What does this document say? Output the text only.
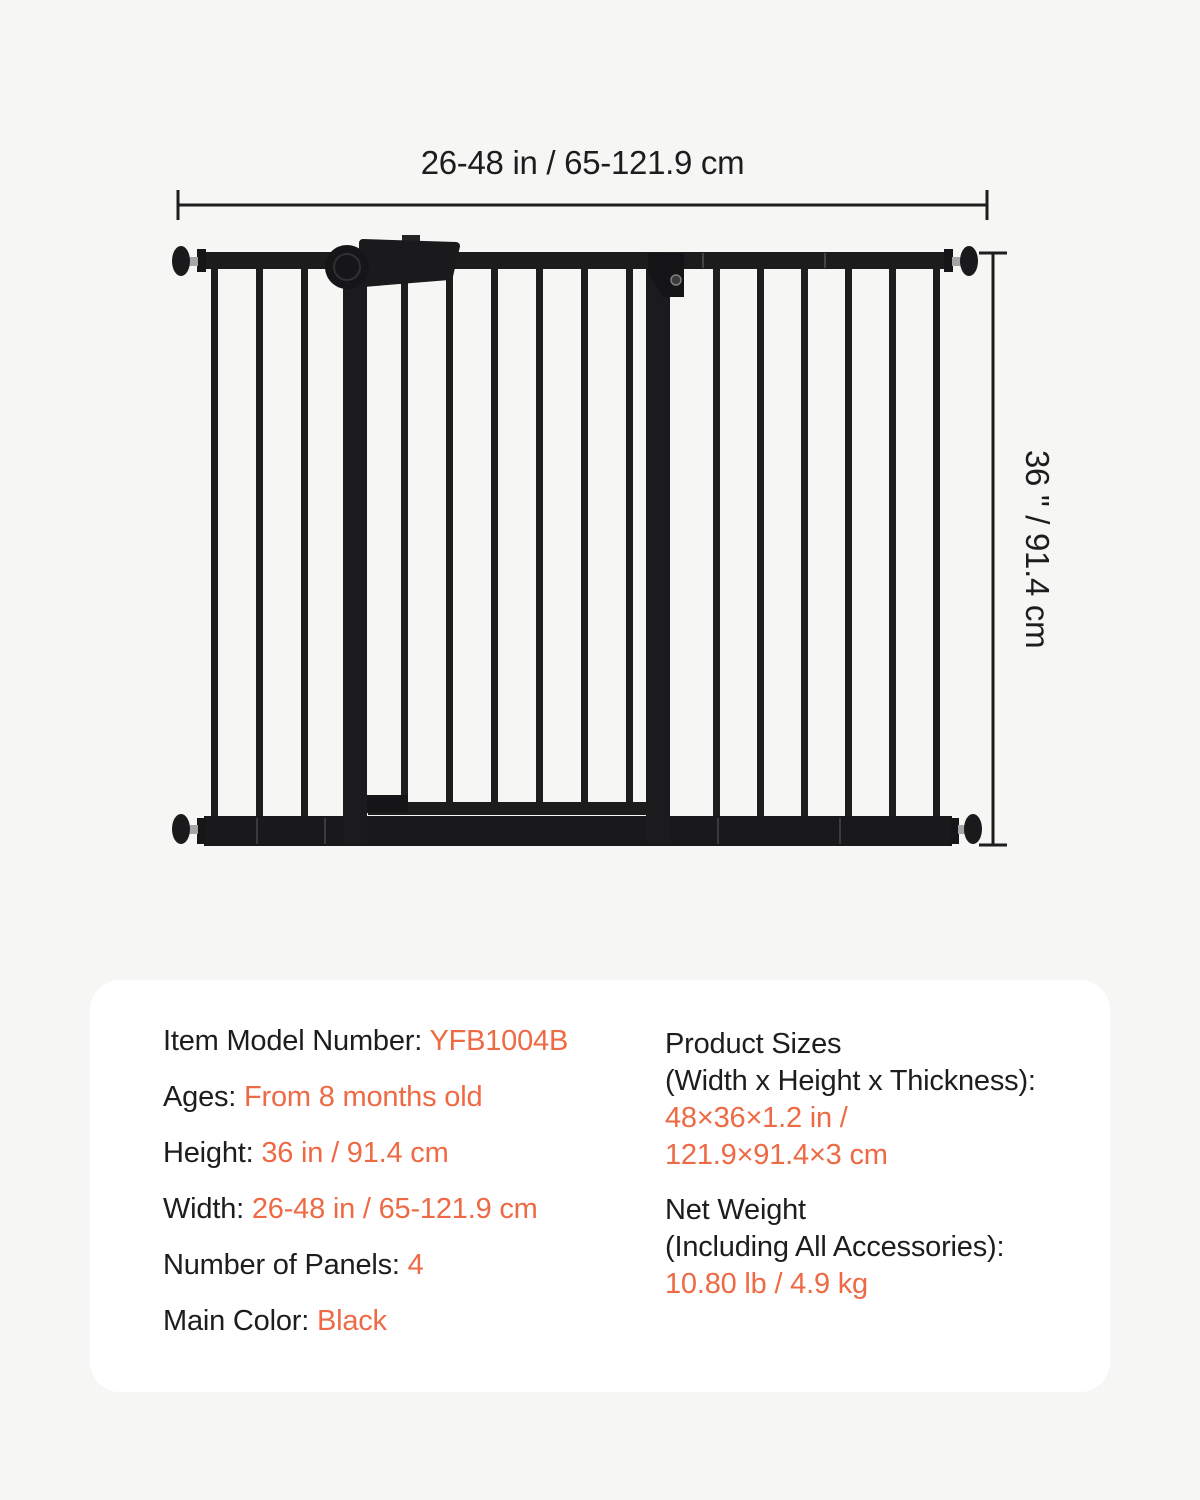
26-48 in / 65-121.9 cm
36 " / 91.4 cm
Item Model Number: YFB1004B
Ages: From 8 months old
Height: 36 in / 91.4 cm
Width: 26-48 in / 65-121.9 cm
Number of Panels: 4
Main Color: Black
Product Sizes
(Width x Height x Thickness):
48×36×1.2 in /
121.9×91.4×3 cm
Net Weight
(Including All Accessories):
10.80 lb / 4.9 kg
